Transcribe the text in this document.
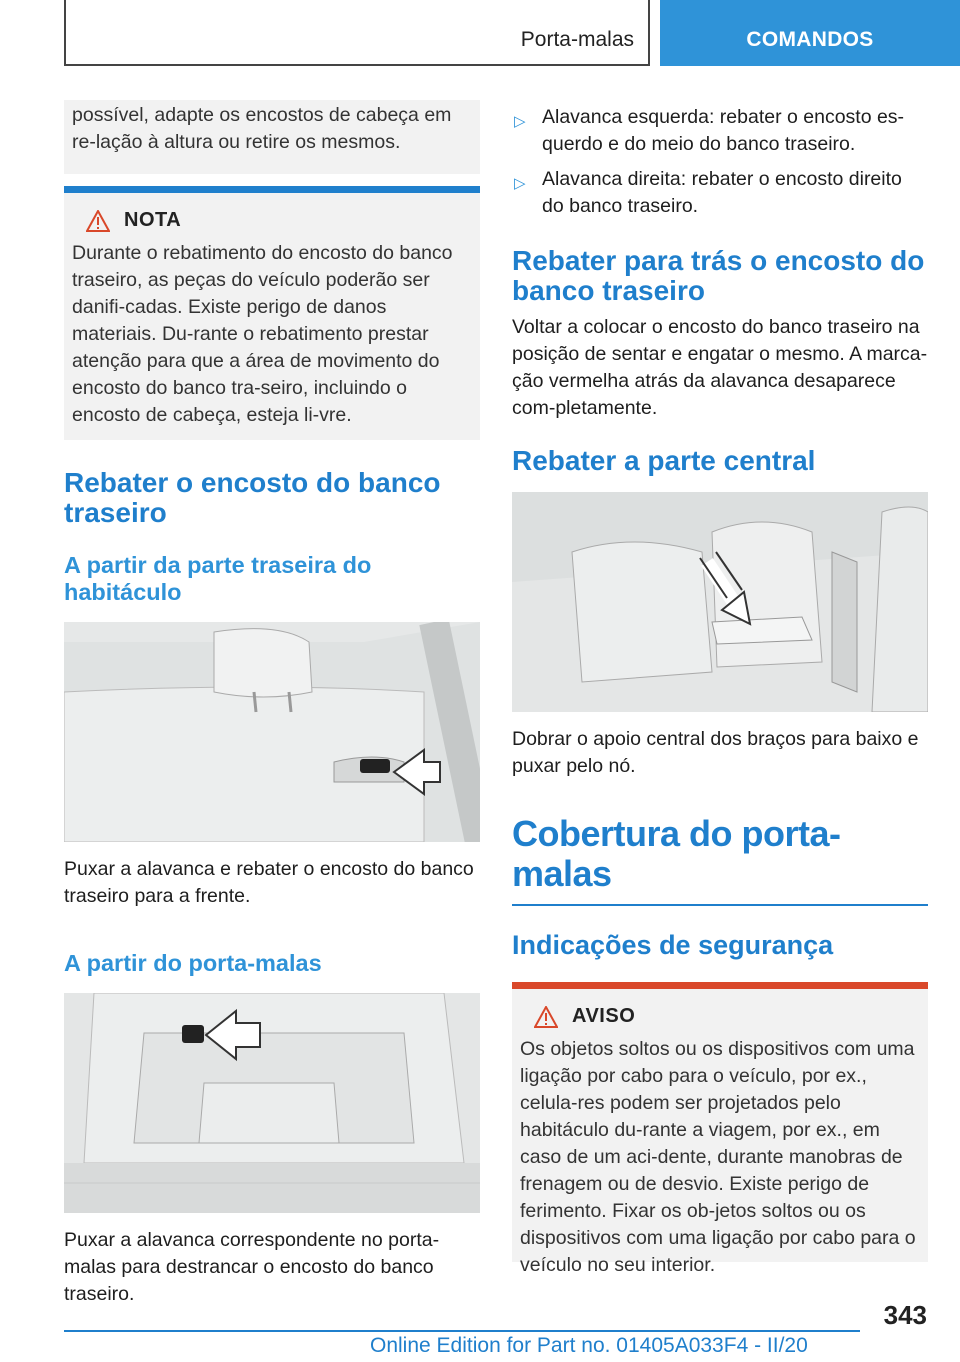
Porta-malas	COMANDOS
possível, adapte os encostos de cabeça em re-lação à altura ou retire os mesmos.
NOTA
Durante o rebatimento do encosto do banco traseiro, as peças do veículo poderão ser danifi-cadas. Existe perigo de danos materiais. Du-rante o rebatimento prestar atenção para que a área de movimento do encosto do banco tra-seiro, incluindo o encosto de cabeça, esteja li-vre.
Rebater o encosto do banco traseiro
A partir da parte traseira do habitáculo

Puxar a alavanca e rebater o encosto do banco traseiro para a frente.

A partir do porta-malas

Puxar a alavanca correspondente no porta-malas para destrancar o encosto do banco traseiro.

▷ Alavanca esquerda: rebater o encosto es-querdo e do meio do banco traseiro.
▷ Alavanca direita: rebater o encosto direito do banco traseiro.
Rebater para trás o encosto do banco traseiro

Voltar a colocar o encosto do banco traseiro na posição de sentar e engatar o mesmo. A marca-ção vermelha atrás da alavanca desaparece com-pletamente.

Rebater a parte central

Dobrar o apoio central dos braços para baixo e puxar pelo nó.

Cobertura do porta-malas
Indicações de segurança
AVISO
Os objetos soltos ou os dispositivos com uma ligação por cabo para o veículo, por ex., celula-res podem ser projetados pelo habitáculo du-rante a viagem, por ex., em caso de um aci-dente, durante manobras de frenagem ou de desvio. Existe perigo de ferimento. Fixar os ob-jetos soltos ou os dispositivos com uma ligação por cabo para o veículo no seu interior.
343
Online Edition for Part no. 01405A033F4 - II/20
